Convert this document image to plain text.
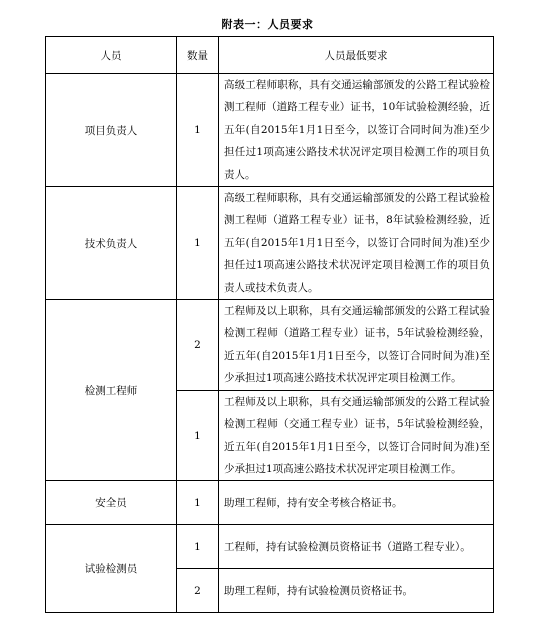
附表一：人员要求
人员	数量	人员最低要求
项目负责人	1	高级工程师职称，具有交通运输部颁发的公路工程试验检测工程师（道路工程专业）证书，10年试验检测经验，近五年(自2015年1月1日至今，以签订合同时间为准)至少担任过1项高速公路技术状况评定项目检测工作的项目负责人。
技术负责人	1	高级工程师职称，具有交通运输部颁发的公路工程试验检测工程师（道路工程专业）证书，8年试验检测经验，近五年(自2015年1月1日至今，以签订合同时间为准)至少担任过1项高速公路技术状况评定项目检测工作的项目负责人或技术负责人。
检测工程师	2	工程师及以上职称，具有交通运输部颁发的公路工程试验检测工程师（道路工程专业）证书，5年试验检测经验，近五年(自2015年1月1日至今，以签订合同时间为准)至少承担过1项高速公路技术状况评定项目检测工作。
	1	工程师及以上职称，具有交通运输部颁发的公路工程试验检测工程师（交通工程专业）证书，5年试验检测经验，近五年(自2015年1月1日至今，以签订合同时间为准)至少承担过1项高速公路技术状况评定项目检测工作。
安全员	1	助理工程师，持有安全考核合格证书。
试验检测员	1	工程师，持有试验检测员资格证书（道路工程专业）。
	2	助理工程师，持有试验检测员资格证书。
